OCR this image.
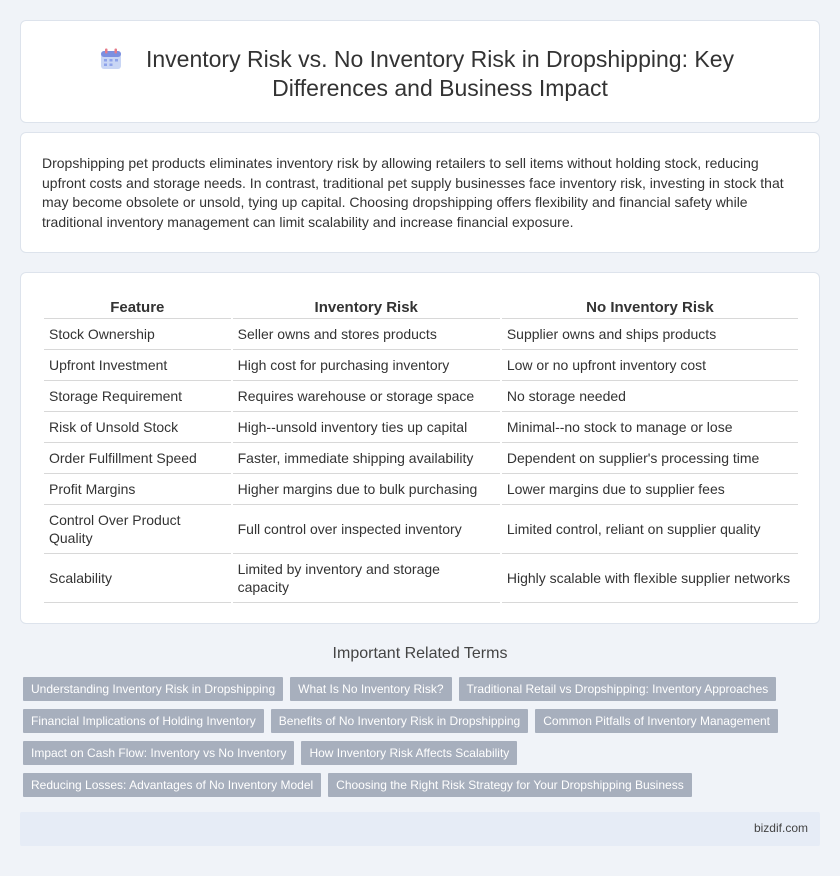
Inventory Risk vs. No Inventory Risk in Dropshipping: Key Differences and Business Impact

Dropshipping pet products eliminates inventory risk by allowing retailers to sell items without holding stock, reducing upfront costs and storage needs. In contrast, traditional pet supply businesses face inventory risk, investing in stock that may become obsolete or unsold, tying up capital. Choosing dropshipping offers flexibility and financial safety while traditional inventory management can limit scalability and increase financial exposure.

Feature	Inventory Risk	No Inventory Risk
Stock Ownership	Seller owns and stores products	Supplier owns and ships products
Upfront Investment	High cost for purchasing inventory	Low or no upfront inventory cost
Storage Requirement	Requires warehouse or storage space	No storage needed
Risk of Unsold Stock	High--unsold inventory ties up capital	Minimal--no stock to manage or lose
Order Fulfillment Speed	Faster, immediate shipping availability	Dependent on supplier's processing time
Profit Margins	Higher margins due to bulk purchasing	Lower margins due to supplier fees
Control Over Product Quality	Full control over inspected inventory	Limited control, reliant on supplier quality
Scalability	Limited by inventory and storage capacity	Highly scalable with flexible supplier networks
Important Related Terms
Understanding Inventory Risk in Dropshipping	What Is No Inventory Risk?	Traditional Retail vs Dropshipping: Inventory Approaches
Financial Implications of Holding Inventory	Benefits of No Inventory Risk in Dropshipping	Common Pitfalls of Inventory Management
Impact on Cash Flow: Inventory vs No Inventory	How Inventory Risk Affects Scalability
Reducing Losses: Advantages of No Inventory Model	Choosing the Right Risk Strategy for Your Dropshipping Business
bizdif.com
